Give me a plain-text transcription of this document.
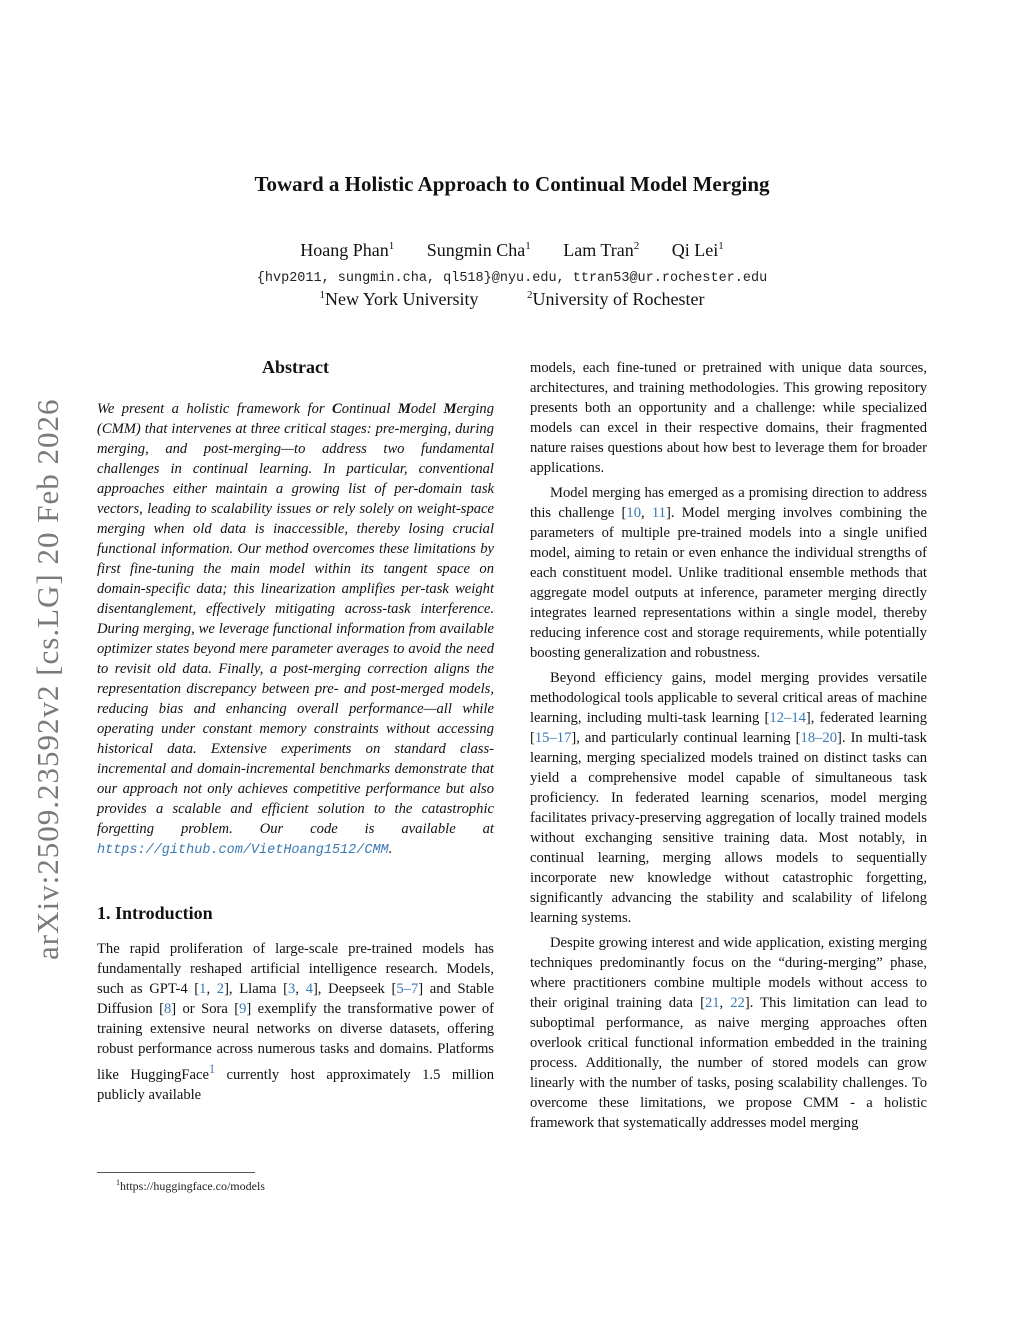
arXiv:2509.23592v2 [cs.LG] 20 Feb 2026
Toward a Holistic Approach to Continual Model Merging
Hoang Phan$^1$ Sungmin Cha$^1$ Lam Tran$^2$ Qi Lei$^1$
{hvp2011, sungmin.cha, ql518}@nyu.edu, ttran53@ur.rochester.edu
$^1$New York University	$^2$University of Rochester
Abstract

We present a holistic framework for Continual Model Merging (CMM) that intervenes at three critical stages: pre-merging, during merging, and post-merging—to address two fundamental challenges in continual learning. In particular, conventional approaches either maintain a growing list of per-domain task vectors, leading to scalability issues or rely solely on weight-space merging when old data is inaccessible, thereby losing crucial functional information. Our method overcomes these limitations by first fine-tuning the main model within its tangent space on domain-specific data; this linearization amplifies per-task weight disentanglement, effectively mitigating across-task interference. During merging, we leverage functional information from available optimizer states beyond mere parameter averages to avoid the need to revisit old data. Finally, a post-merging correction aligns the representation discrepancy between pre- and post-merged models, reducing bias and enhancing overall performance—all while operating under constant memory constraints without accessing historical data. Extensive experiments on standard class-incremental and domain-incremental benchmarks demonstrate that our approach not only achieves competitive performance but also provides a scalable and efficient solution to the catastrophic forgetting problem. Our code is available at https://github.com/VietHoang1512/CMM.

1. Introduction

The rapid proliferation of large-scale pre-trained models has fundamentally reshaped artificial intelligence research. Models, such as GPT-4 [1, 2], Llama [3, 4], Deepseek [5–7] and Stable Diffusion [8] or Sora [9] exemplify the transformative power of training extensive neural networks on diverse datasets, offering robust performance across numerous tasks and domains. Platforms like HuggingFace$^1$ currently host approximately 1.5 million publicly available

models, each fine-tuned or pretrained with unique data sources, architectures, and training methodologies. This growing repository presents both an opportunity and a challenge: while specialized models can excel in their respective domains, their fragmented nature raises questions about how best to leverage them for broader applications.

Model merging has emerged as a promising direction to address this challenge [10, 11]. Model merging involves combining the parameters of multiple pre-trained models into a single unified model, aiming to retain or even enhance the individual strengths of each constituent model. Unlike traditional ensemble methods that aggregate model outputs at inference, parameter merging directly integrates learned representations within a single model, thereby reducing inference cost and storage requirements, while potentially boosting generalization and robustness.

Beyond efficiency gains, model merging provides versatile methodological tools applicable to several critical areas of machine learning, including multi-task learning [12–14], federated learning [15–17], and particularly continual learning [18–20]. In multi-task learning, merging specialized models trained on distinct tasks can yield a comprehensive model capable of simultaneous task proficiency. In federated learning scenarios, model merging facilitates privacy-preserving aggregation of locally trained models without exchanging sensitive training data. Most notably, in continual learning, merging allows models to sequentially incorporate new knowledge without catastrophic forgetting, significantly advancing the stability and scalability of lifelong learning systems.

Despite growing interest and wide application, existing merging techniques predominantly focus on the “during-merging” phase, where practitioners combine multiple models without access to their original training data [21, 22]. This limitation can lead to suboptimal performance, as naive merging approaches often overlook critical functional information embedded in the training process. Additionally, the number of stored models can grow linearly with the number of tasks, posing scalability challenges. To overcome these limitations, we propose CMM - a holistic framework that systematically addresses model merging

$^1$https://huggingface.co/models
